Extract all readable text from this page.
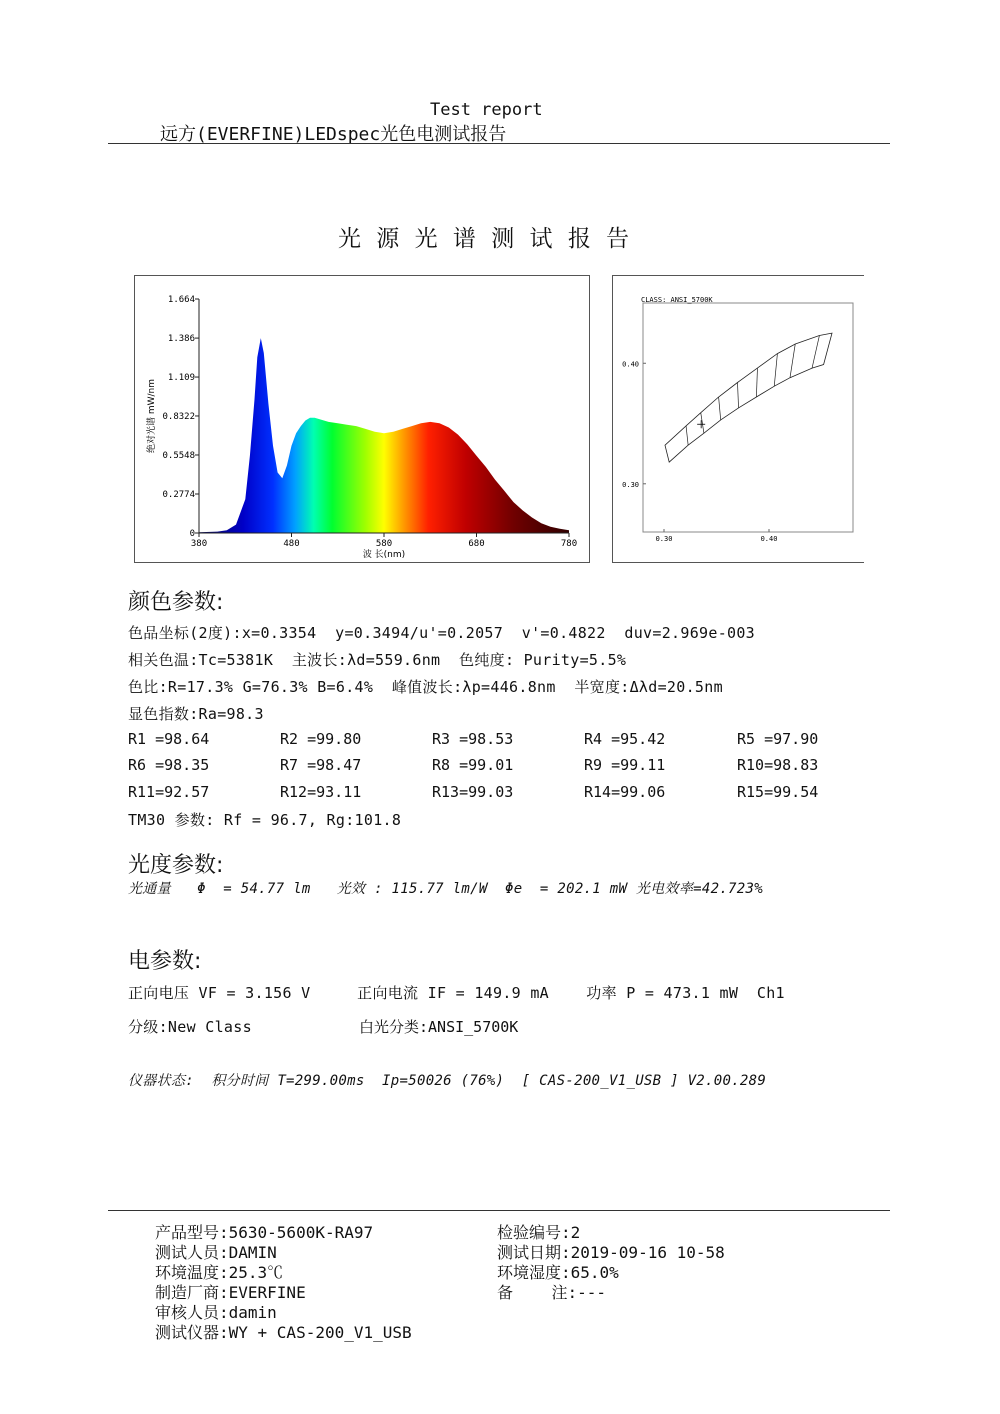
Test report
远方(EVERFINE)LEDspec光色电测试报告
光 源 光 谱 测 试 报 告
0
0.2774
0.5548
0.8322
1.109
1.386
1.664
380	480	580	680	780
波 长(nm)
绝对光谱 mW/nm
CLASS: ANSI_5700K
0.30
0.40
0.30	0.40
颜色参数:
色品坐标(2度):x=0.3354  y=0.3494/u'=0.2057  v'=0.4822  duv=2.969e-003
相关色温:Tc=5381K  主波长:λd=559.6nm  色纯度: Purity=5.5%
色比:R=17.3% G=76.3% B=6.4%  峰值波长:λp=446.8nm  半宽度:Δλd=20.5nm
显色指数:Ra=98.3
R1 =98.64	R2 =99.80	R3 =98.53	R4 =95.42	R5 =97.90
R6 =98.35	R7 =98.47	R8 =99.01	R9 =99.11	R10=98.83
R11=92.57	R12=93.11	R13=99.03	R14=99.06	R15=99.54
TM30 参数: Rf = 96.7, Rg:101.8
光度参数:
光通量   Φ  = 54.77 lm   光效 : 115.77 lm/W  Φe  = 202.1 mW 光电效率=42.723%
电参数:
正向电压 VF = 3.156 V     正向电流 IF = 149.9 mA    功率 P = 473.1 mW  Ch1
分级:New Class	白光分类:ANSI_5700K
仪器状态:  积分时间 T=299.00ms  Ip=50026 (76%)  [ CAS-200_V1_USB ] V2.00.289
产品型号:5630-5600K-RA97
测试人员:DAMIN
环境温度:25.3℃
制造厂商:EVERFINE
审核人员:damin
测试仪器:WY + CAS-200_V1_USB
检验编号:2
测试日期:2019-09-16 10-58
环境湿度:65.0%
备    注:---
